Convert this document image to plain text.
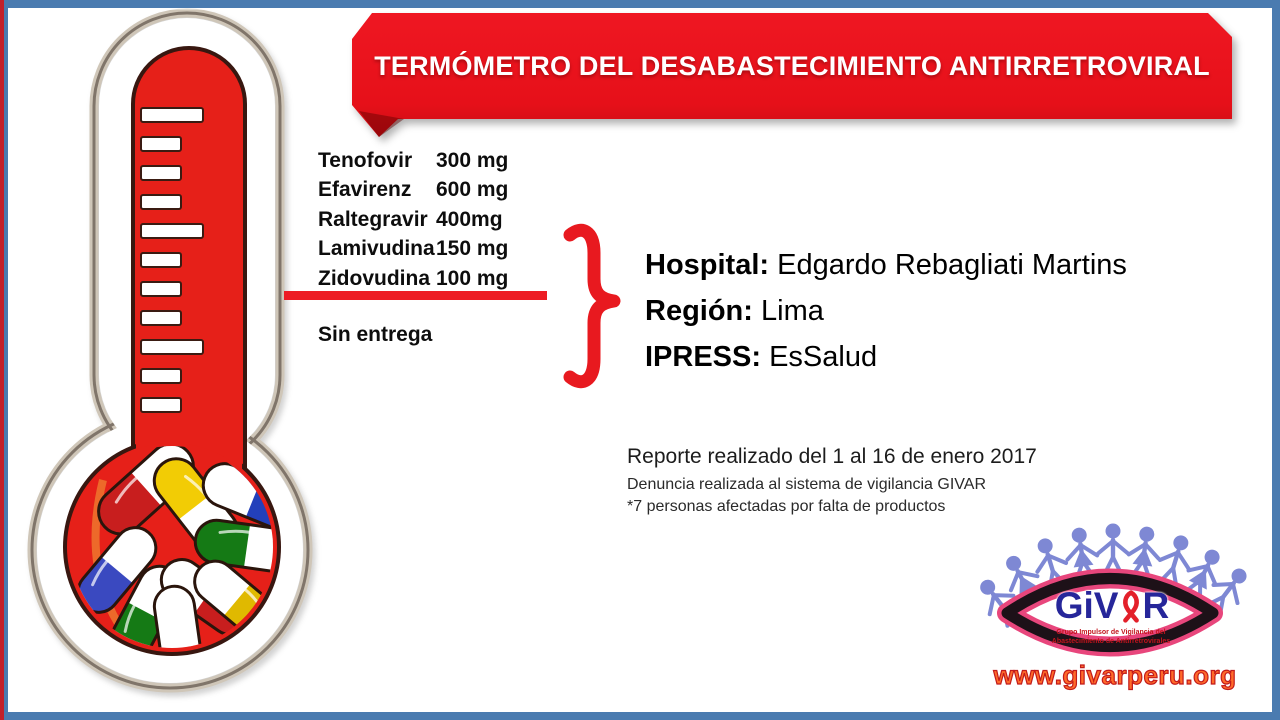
TERMÓMETRO DEL DESABASTECIMIENTO ANTIRRETROVIRAL
Tenofovir	300 mg
Efavirenz	600 mg
Raltegravir 400mg
Lamivudina 150 mg
Zidovudina 100 mg
Sin entrega
Hospital: Edgardo Rebagliati Martins
Región: Lima
IPRESS: EsSalud
Reporte realizado del 1 al 16 de enero 2017
Denuncia realizada al sistema de vigilancia GIVAR
*7 personas afectadas por falta de productos
GiV R
Grupo Impulsor de Vigilancia del
Abastecimiento de Antirretrovirales
www.givarperu.org
